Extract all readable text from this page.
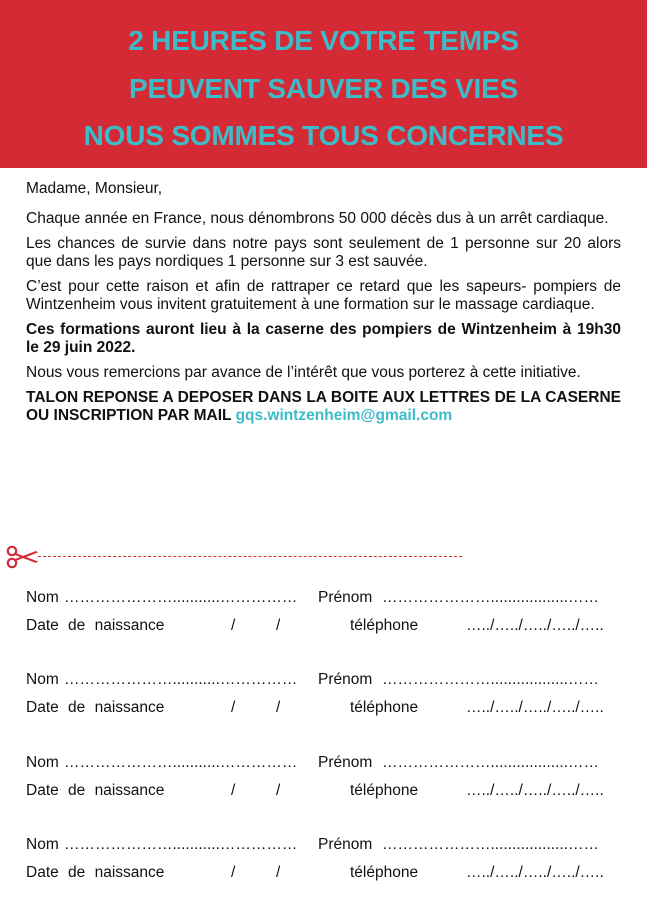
2 HEURES DE VOTRE TEMPS
PEUVENT SAUVER DES VIES
NOUS SOMMES TOUS CONCERNES

Madame, Monsieur,

Chaque année en France, nous dénombrons 50 000 décès dus à un arrêt cardiaque.

Les chances de survie dans notre pays sont seulement de 1 personne sur 20 alors que dans les pays nordiques 1 personne sur 3 est sauvée.

C’est pour cette raison et afin de rattraper ce retard que les sapeurs- pompiers de Wintzenheim vous invitent gratuitement à une formation sur le massage cardiaque.

Ces formations auront lieu à la caserne des pompiers de Wintzenheim à 19h30 le 29 juin 2022.

Nous vous remercions par avance de l’intérêt que vous porterez à cette initiative.

TALON REPONSE A DEPOSER DANS LA BOITE AUX LETTRES DE LA CASERNE OU INSCRIPTION PAR MAIL gqs.wintzenheim@gmail.com

Nom …………………...........……………	Prénom …………………..................……
Date de naissance	/	/	téléphone	…../…../…../…../…..
Nom …………………...........……………	Prénom …………………..................……
Date de naissance	/	/	téléphone	…../…../…../…../…..
Nom …………………...........……………	Prénom …………………..................……
Date de naissance	/	/	téléphone	…../…../…../…../…..
Nom …………………...........……………	Prénom …………………..................……
Date de naissance	/	/	téléphone	…../…../…../…../…..
